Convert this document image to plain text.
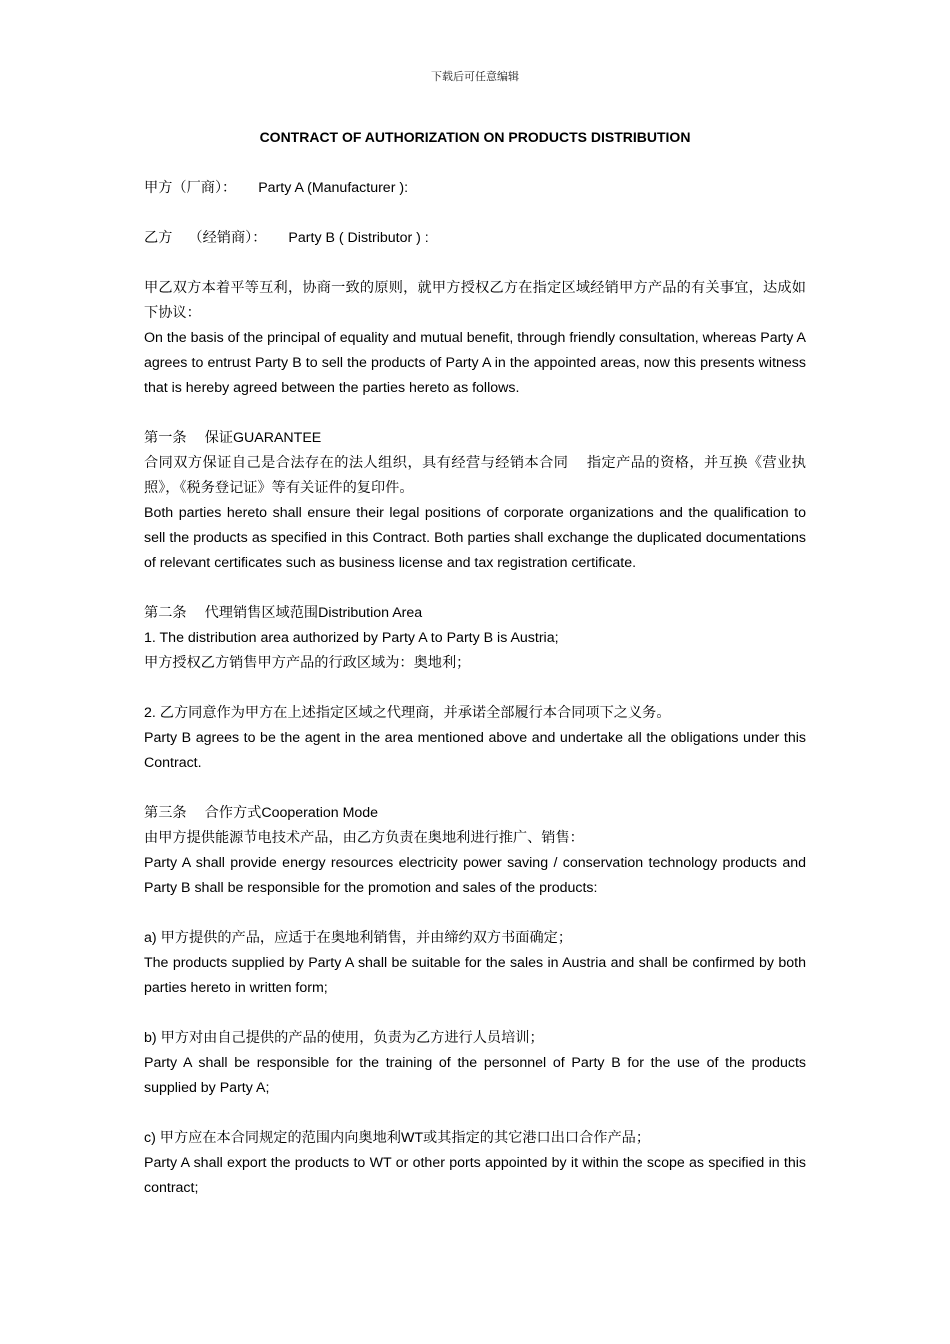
下载后可任意编辑

CONTRACT OF AUTHORIZATION ON PRODUCTS DISTRIBUTION

甲方（厂商）： Party A (Manufacturer ):

乙方 （经销商）： Party B ( Distributor ) :

甲乙双方本着平等互利，协商一致的原则，就甲方授权乙方在指定区域经销甲方产品的有关事宜，达成如下协议：

On the basis of the principal of equality and mutual benefit, through friendly consultation, whereas Party A agrees to entrust Party B to sell the products of Party A in the appointed areas, now this presents witness that is hereby agreed between the parties hereto as follows.

第一条 保证GUARANTEE

合同双方保证自己是合法存在的法人组织，具有经营与经销本合同 指定产品的资格，并互换《营业执照》，《税务登记证》等有关证件的复印件。

Both parties hereto shall ensure their legal positions of corporate organizations and the qualification to sell the products as specified in this Contract. Both parties shall exchange the duplicated documentations of relevant certificates such as business license and tax registration certificate.

第二条 代理销售区域范围Distribution Area

1. The distribution area authorized by Party A to Party B is Austria;

甲方授权乙方销售甲方产品的行政区域为：奥地利；

2. 乙方同意作为甲方在上述指定区域之代理商，并承诺全部履行本合同项下之义务。

Party B agrees to be the agent in the area mentioned above and undertake all the obligations under this Contract.

第三条 合作方式Cooperation Mode

由甲方提供能源节电技术产品，由乙方负责在奥地利进行推广、销售：

Party A shall provide energy resources electricity power saving / conservation technology products and Party B shall be responsible for the promotion and sales of the products:

a) 甲方提供的产品，应适于在奥地利销售，并由缔约双方书面确定；

The products supplied by Party A shall be suitable for the sales in Austria and shall be confirmed by both parties hereto in written form;

b) 甲方对由自己提供的产品的使用，负责为乙方进行人员培训；

Party A shall be responsible for the training of the personnel of Party B for the use of the products supplied by Party A;

c) 甲方应在本合同规定的范围内向奥地利WT或其指定的其它港口出口合作产品；

Party A shall export the products to WT or other ports appointed by it within the scope as specified in this contract;
